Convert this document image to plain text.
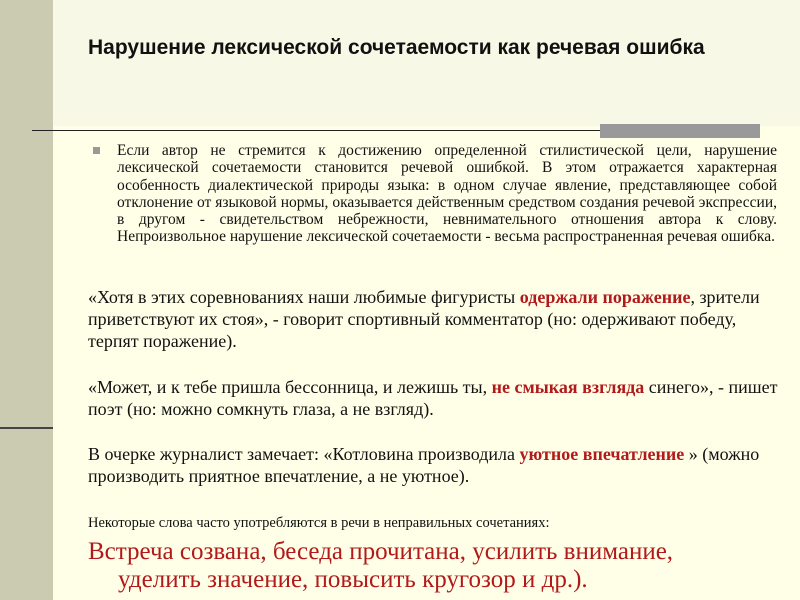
Нарушение лексической сочетаемости как речевая ошибка
Если автор не стремится к достижению определенной стилистической цели, нарушение лексической сочетаемости становится речевой ошибкой. В этом отражается характерная особенность диалектической природы языка: в одном случае явление, представляющее собой отклонение от языковой нормы, оказывается действенным средством создания речевой экспрессии, в другом - свидетельством небрежности, невнимательного отношения автора к слову. Непроизвольное нарушение лексической сочетаемости - весьма распространенная речевая ошибка.
«Хотя в этих соревнованиях наши любимые фигуристы одержали поражение, зрители приветствуют их стоя», - говорит спортивный комментатор (но: одерживают победу, терпят поражение).
«Может, и к тебе пришла бессонница, и лежишь ты, не смыкая взгляда синего», - пишет поэт (но: можно сомкнуть глаза, а не взгляд).
В очерке журналист замечает: «Котловина производила уютное впечатление » (можно производить приятное впечатление, а не уютное).
Некоторые слова часто употребляются в речи в неправильных сочетаниях:
Встреча созвана, беседа прочитана, усилить внимание,
уделить значение, повысить кругозор и др.).
